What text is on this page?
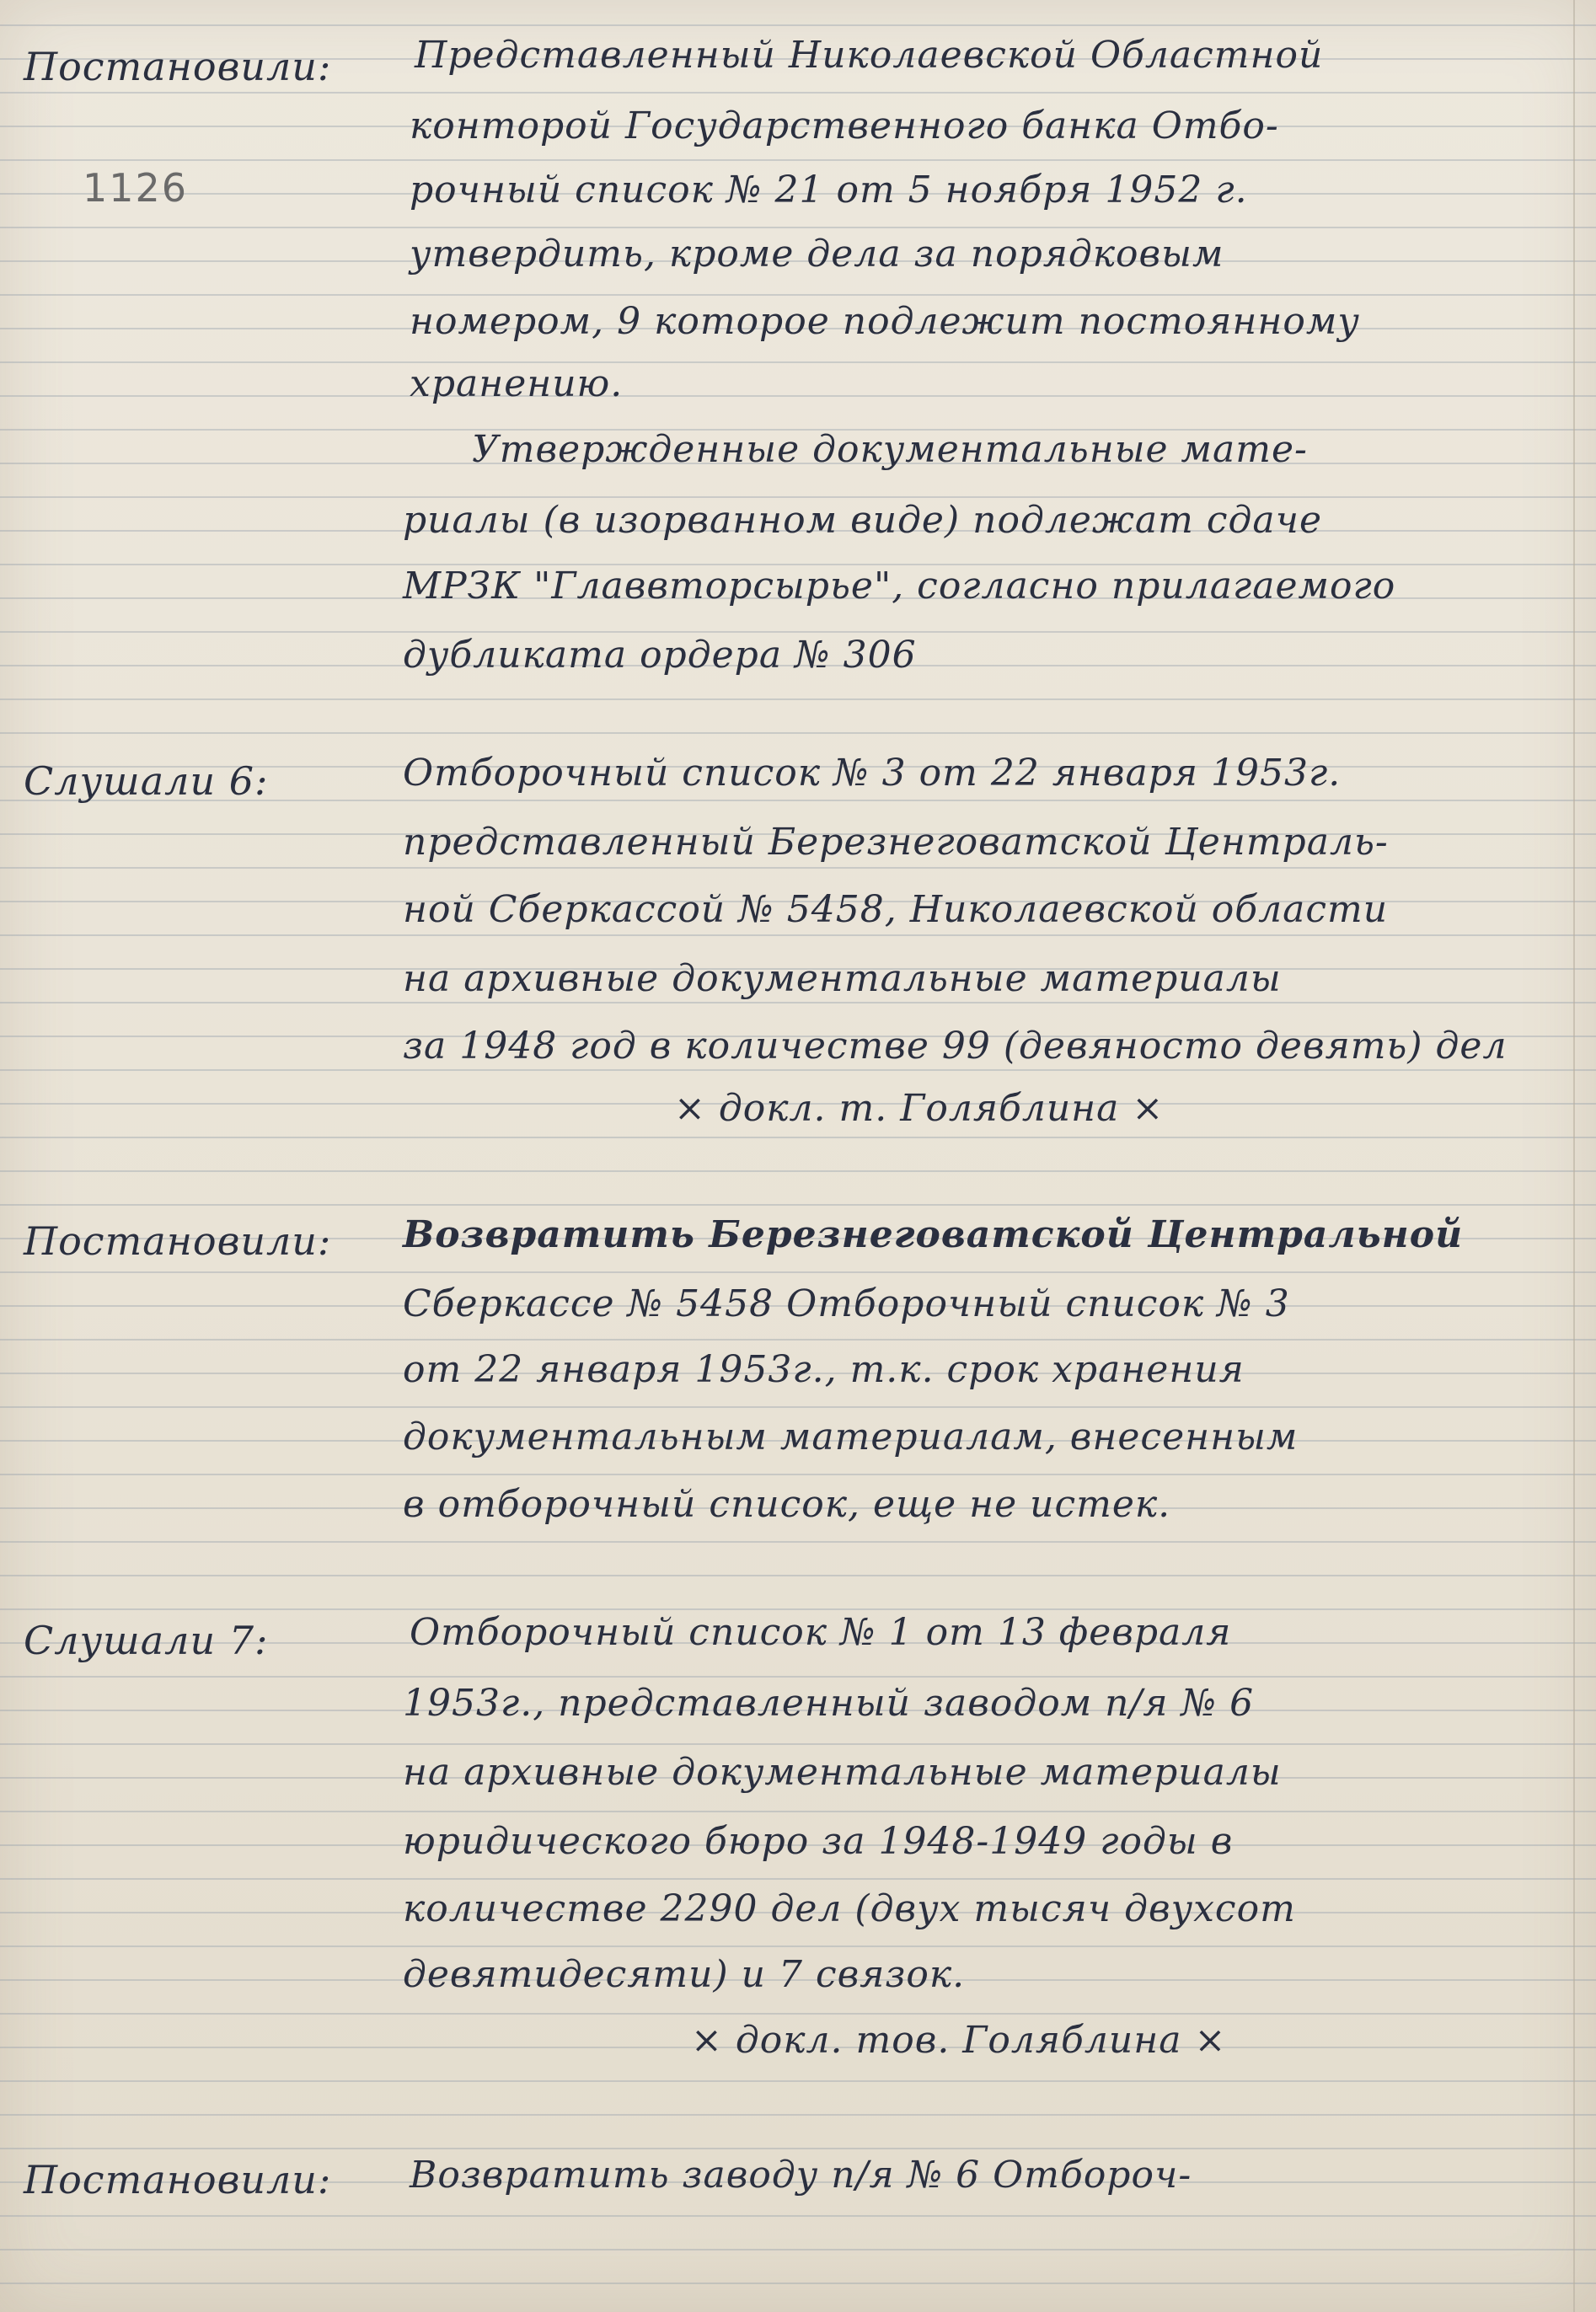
1126
Постановили: Представленный Николаевской Областной
конторой Государственного банка Отбо-
рочный список № 21 от 5 ноября 1952 г.
утвердить, кроме дела за порядковым
номером, 9 которое подлежит постоянному
хранению.
Утвержденные документальные мате-
риалы (в изорванном виде) подлежат сдаче
МРЗК "Главвторсырье", согласно прилагаемого
дубликата ордера № 306
Слушали 6:	Отборочный список № 3 от 22 января 1953г.
представленный Березнеговатской Централь-
ной Сберкассой № 5458, Николаевской области
на архивные документальные материалы
за 1948 год в количестве 99 (девяносто девять) дел
× докл. т. Голяблина ×
Постановили: Возвратить Березнеговатской Центральной
Сберкассе № 5458 Отборочный список № 3
от 22 января 1953г., т.к. срок хранения
документальным материалам, внесенным
в отборочный список, еще не истек.
Слушали 7:	Отборочный список № 1 от 13 февраля
1953г., представленный заводом п/я № 6
на архивные документальные материалы
юридического бюро за 1948-1949 годы в
количестве 2290 дел (двух тысяч двухсот
девятидесяти) и 7 связок.
× докл. тов. Голяблина ×
Постановили: Возвратить заводу п/я № 6 Отбороч-
